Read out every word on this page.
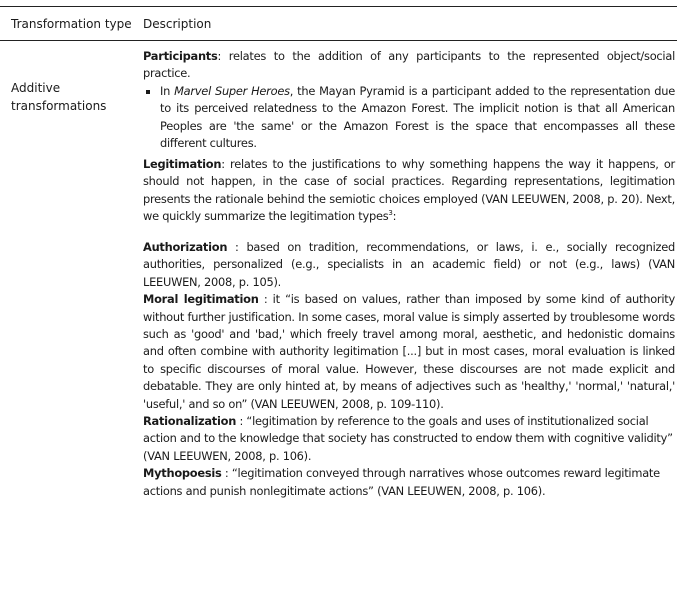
Transformation type Description
Additive transformations

Participants: relates to the addition of any participants to the represented object/social practice.

In Marvel Super Heroes, the Mayan Pyramid is a participant added to the representation due to its perceived relatedness to the Amazon Forest. The implicit notion is that all American Peoples are 'the same' or the Amazon Forest is the space that encompasses all these different cultures.

Legitimation: relates to the justifications to why something happens the way it happens, or should not happen, in the case of social practices. Regarding representations, legitimation presents the rationale behind the semiotic choices employed (VAN LEEUWEN, 2008, p. 20). Next, we quickly summarize the legitimation types$^3$:

Authorization : based on tradition, recommendations, or laws, i. e., socially recognized authorities, personalized (e.g., specialists in an academic field) or not (e.g., laws) (VAN LEEUWEN, 2008, p. 105).

Moral legitimation : it “is based on values, rather than imposed by some kind of authority without further justification. In some cases, moral value is simply asserted by troublesome words such as 'good' and 'bad,' which freely travel among moral, aesthetic, and hedonistic domains and often combine with authority legitimation [...] but in most cases, moral evaluation is linked to specific discourses of moral value. However, these discourses are not made explicit and debatable. They are only hinted at, by means of adjectives such as 'healthy,' 'normal,' 'natural,' 'useful,' and so on” (VAN LEEUWEN, 2008, p. 109-110).

Rationalization : “legitimation by reference to the goals and uses of institutionalized social action and to the knowledge that society has constructed to endow them with cognitive validity” (VAN LEEUWEN, 2008, p. 106).

Mythopoesis : “legitimation conveyed through narratives whose outcomes reward legitimate actions and punish nonlegitimate actions” (VAN LEEUWEN, 2008, p. 106).
